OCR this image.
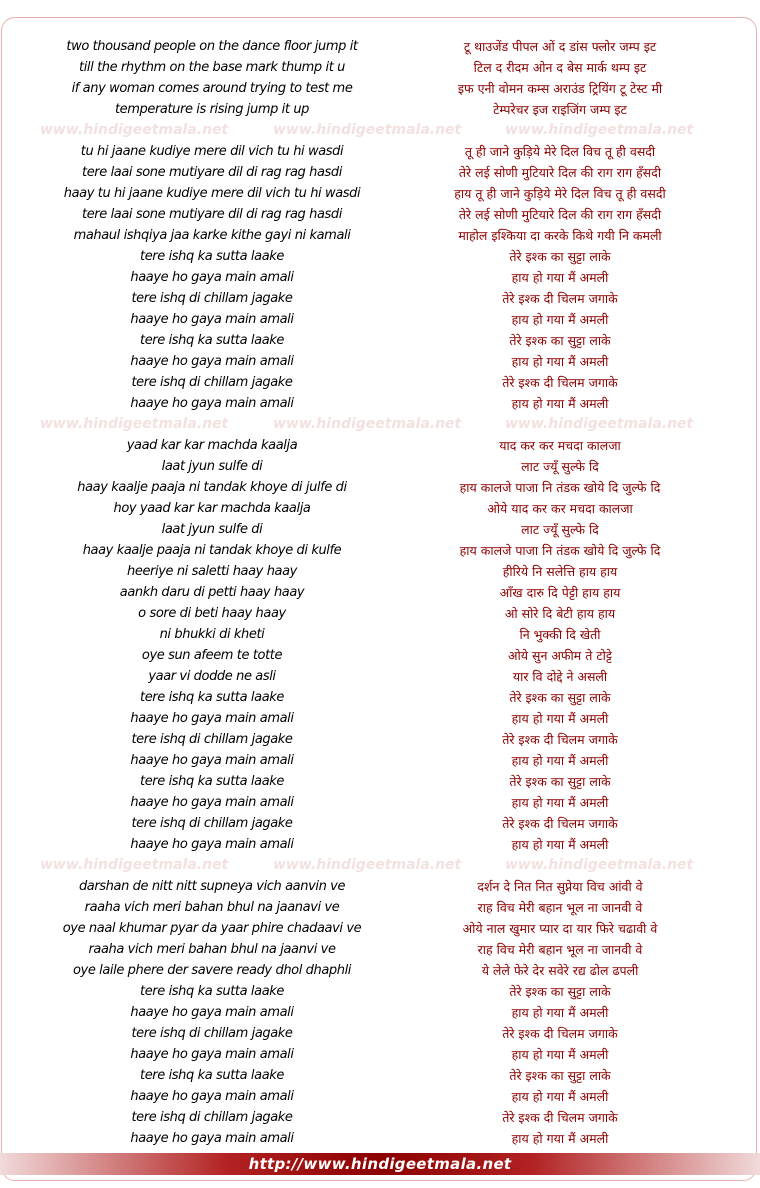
two thousand people on the dance floor jump it	टू थाउजेंड पीपल ओं द डांस फ्लोर जम्प इट
till the rhythm on the base mark thump it u	टिल द रीदम ओन द बेस मार्क थम्प इट
if any woman comes around trying to test me	इफ एनी वोमन कम्स अराउंड ट्रियिंग टू टेस्ट मी
temperature is rising jump it up	टेम्परेचर इज राइजिंग जम्प इट
www.hindigeetmala.net	www.hindigeetmala.net	www.hindigeetmala.net
tu hi jaane kudiye mere dil vich tu hi wasdi	तू ही जाने कुड़िये मेरे दिल विच तू ही वसदी
tere laai sone mutiyare dil di rag rag hasdi	तेरे लई सोणी मुटियारे दिल की राग राग हँसदी
haay tu hi jaane kudiye mere dil vich tu hi wasdi	हाय तू ही जाने कुड़िये मेरे दिल विच तू ही वसदी
tere laai sone mutiyare dil di rag rag hasdi	तेरे लई सोणी मुटियारे दिल की राग राग हँसदी
mahaul ishqiya jaa karke kithe gayi ni kamali	माहोल इश्किया दा करके किथे गयी नि कमली
tere ishq ka sutta laake	तेरे इश्क का सुट्टा लाके
haaye ho gaya main amali	हाय हो गया मैं अमली
tere ishq di chillam jagake	तेरे इश्क दी चिलम जगाके
haaye ho gaya main amali	हाय हो गया मैं अमली
tere ishq ka sutta laake	तेरे इश्क का सुट्टा लाके
haaye ho gaya main amali	हाय हो गया मैं अमली
tere ishq di chillam jagake	तेरे इश्क दी चिलम जगाके
haaye ho gaya main amali	हाय हो गया मैं अमली
www.hindigeetmala.net	www.hindigeetmala.net	www.hindigeetmala.net
yaad kar kar machda kaalja	याद कर कर मचदा कालजा
laat jyun sulfe di	लाट ज्यूँ सुल्फे दि
haay kaalje paaja ni tandak khoye di julfe di	हाय कालजे पाजा नि तंडक खोये दि जुल्फे दि
hoy yaad kar kar machda kaalja	ओये याद कर कर मचदा कालजा
laat jyun sulfe di	लाट ज्यूँ सुल्फे दि
haay kaalje paaja ni tandak khoye di kulfe	हाय कालजे पाजा नि तंडक खोये दि जुल्फे दि
heeriye ni saletti haay haay	हीरिये नि सलेत्ति हाय हाय
aankh daru di petti haay haay	आँख दारु दि पेट्टी हाय हाय
o sore di beti haay haay	ओ सोरे दि बेटी हाय हाय
ni bhukki di kheti	नि भुक्की दि खेती
oye sun afeem te totte	ओये सुन अफीम ते टोट्टे
yaar vi dodde ne asli	यार वि दोद्दे ने असली
tere ishq ka sutta laake	तेरे इश्क का सुट्टा लाके
haaye ho gaya main amali	हाय हो गया मैं अमली
tere ishq di chillam jagake	तेरे इश्क दी चिलम जगाके
haaye ho gaya main amali	हाय हो गया मैं अमली
tere ishq ka sutta laake	तेरे इश्क का सुट्टा लाके
haaye ho gaya main amali	हाय हो गया मैं अमली
tere ishq di chillam jagake	तेरे इश्क दी चिलम जगाके
haaye ho gaya main amali	हाय हो गया मैं अमली
www.hindigeetmala.net	www.hindigeetmala.net	www.hindigeetmala.net
darshan de nitt nitt supneya vich aanvin ve	दर्शन दे नित नित सुप्नेया विच आंवी वे
raaha vich meri bahan bhul na jaanavi ve	राह विच मेरी बहान भूल ना जानवी वे
oye naal khumar pyar da yaar phire chadaavi ve	ओये नाल खुमार प्यार दा यार फिरे चढावी वे
raaha vich meri bahan bhul na jaanvi ve	राह विच मेरी बहान भूल ना जानवी वे
oye laile phere der savere ready dhol dhaphli	ये लेले फेरे देर सवेरे रद्य ढोल ढपली
tere ishq ka sutta laake	तेरे इश्क का सुट्टा लाके
haaye ho gaya main amali	हाय हो गया मैं अमली
tere ishq di chillam jagake	तेरे इश्क दी चिलम जगाके
haaye ho gaya main amali	हाय हो गया मैं अमली
tere ishq ka sutta laake	तेरे इश्क का सुट्टा लाके
haaye ho gaya main amali	हाय हो गया मैं अमली
tere ishq di chillam jagake	तेरे इश्क दी चिलम जगाके
haaye ho gaya main amali	हाय हो गया मैं अमली
http://www.hindigeetmala.net
